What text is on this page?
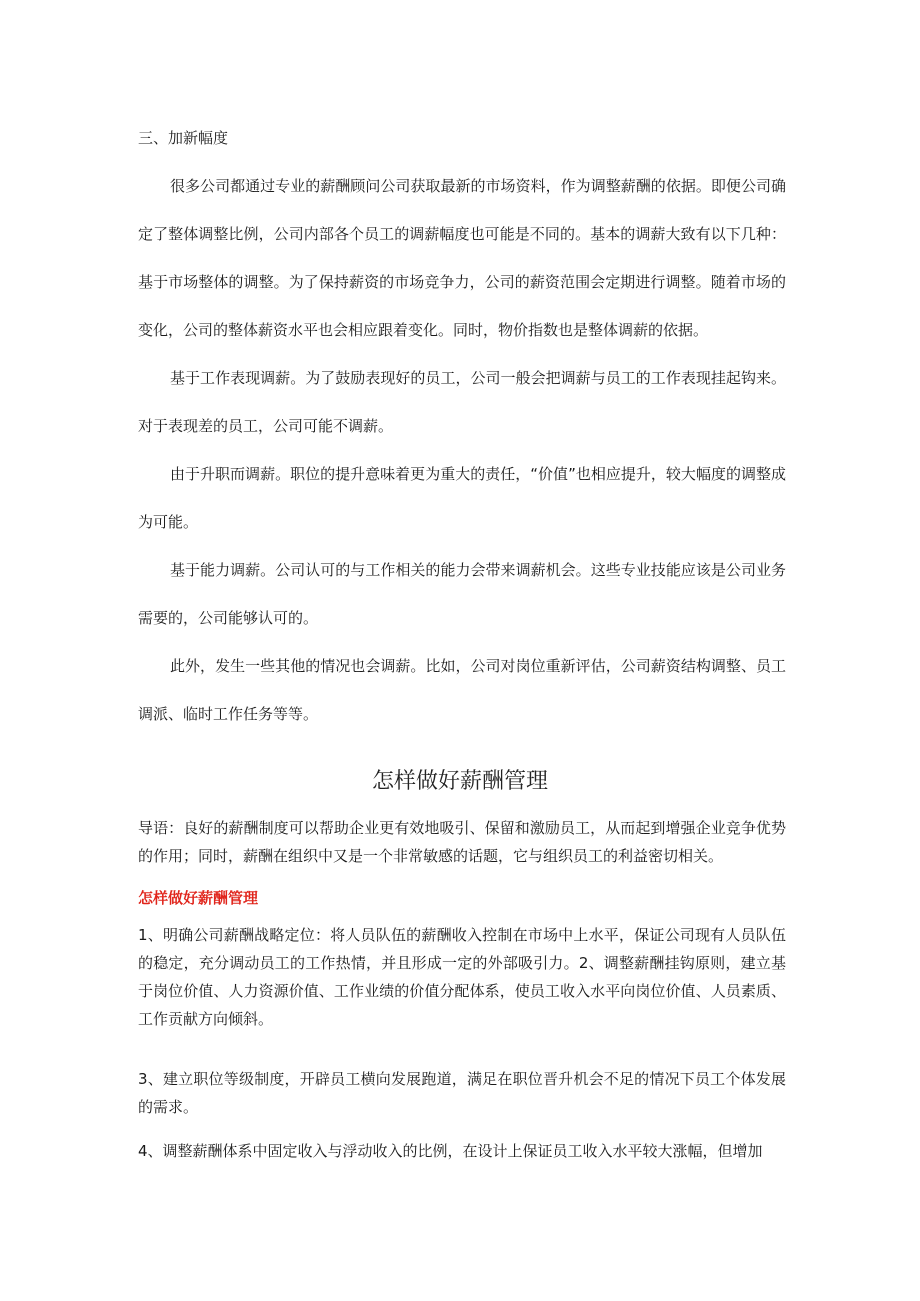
三、加新幅度

很多公司都通过专业的薪酬顾问公司获取最新的市场资料，作为调整薪酬的依据。即便公司确定了整体调整比例，公司内部各个员工的调薪幅度也可能是不同的。基本的调薪大致有以下几种：基于市场整体的调整。为了保持薪资的市场竞争力，公司的薪资范围会定期进行调整。随着市场的变化，公司的整体薪资水平也会相应跟着变化。同时，物价指数也是整体调薪的依据。

基于工作表现调薪。为了鼓励表现好的员工，公司一般会把调薪与员工的工作表现挂起钩来。对于表现差的员工，公司可能不调薪。

由于升职而调薪。职位的提升意味着更为重大的责任，“价值”也相应提升，较大幅度的调整成为可能。

基于能力调薪。公司认可的与工作相关的能力会带来调薪机会。这些专业技能应该是公司业务需要的，公司能够认可的。

此外，发生一些其他的情况也会调薪。比如，公司对岗位重新评估，公司薪资结构调整、员工调派、临时工作任务等等。

怎样做好薪酬管理

导语：良好的薪酬制度可以帮助企业更有效地吸引、保留和激励员工，从而起到增强企业竞争优势的作用；同时，薪酬在组织中又是一个非常敏感的话题，它与组织员工的利益密切相关。

怎样做好薪酬管理

1、明确公司薪酬战略定位：将人员队伍的薪酬收入控制在市场中上水平，保证公司现有人员队伍的稳定，充分调动员工的工作热情，并且形成一定的外部吸引力。2、调整薪酬挂钩原则，建立基于岗位价值、人力资源价值、工作业绩的价值分配体系，使员工收入水平向岗位价值、人员素质、工作贡献方向倾斜。

3、建立职位等级制度，开辟员工横向发展跑道，满足在职位晋升机会不足的情况下员工个体发展的需求。

4、调整薪酬体系中固定收入与浮动收入的比例，在设计上保证员工收入水平较大涨幅，但增加
